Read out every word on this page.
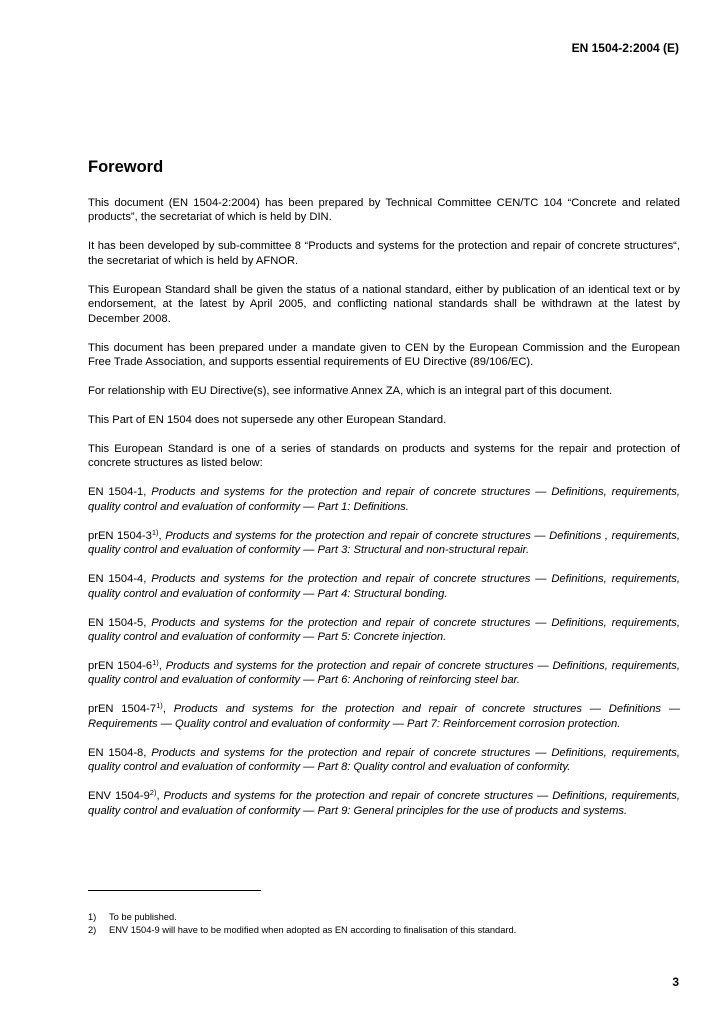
EN 1504-2:2004 (E)
Foreword

This document (EN 1504-2:2004) has been prepared by Technical Committee CEN/TC 104 “Concrete and related products”, the secretariat of which is held by DIN.

It has been developed by sub-committee 8 “Products and systems for the protection and repair of concrete structures“, the secretariat of which is held by AFNOR.

This European Standard shall be given the status of a national standard, either by publication of an identical text or by endorsement, at the latest by April 2005, and conflicting national standards shall be withdrawn at the latest by December 2008.

This document has been prepared under a mandate given to CEN by the European Commission and the European Free Trade Association, and supports essential requirements of EU Directive (89/106/EC).

For relationship with EU Directive(s), see informative Annex ZA, which is an integral part of this document.

This Part of EN 1504 does not supersede any other European Standard.

This European Standard is one of a series of standards on products and systems for the repair and protection of concrete structures as listed below:

EN 1504-1, Products and systems for the protection and repair of concrete structures — Definitions, requirements, quality control and evaluation of conformity — Part 1: Definitions.

prEN 1504-3$^{1)}$, Products and systems for the protection and repair of concrete structures — Definitions , requirements, quality control and evaluation of conformity — Part 3: Structural and non-structural repair.

EN 1504-4, Products and systems for the protection and repair of concrete structures — Definitions, requirements, quality control and evaluation of conformity — Part 4: Structural bonding.

EN 1504-5, Products and systems for the protection and repair of concrete structures — Definitions, requirements, quality control and evaluation of conformity — Part 5: Concrete injection.

prEN 1504-6$^{1)}$, Products and systems for the protection and repair of concrete structures — Definitions, requirements, quality control and evaluation of conformity — Part 6: Anchoring of reinforcing steel bar.

prEN 1504-7$^{1)}$, Products and systems for the protection and repair of concrete structures — Definitions — Requirements — Quality control and evaluation of conformity — Part 7: Reinforcement corrosion protection.

EN 1504-8, Products and systems for the protection and repair of concrete structures — Definitions, requirements, quality control and evaluation of conformity — Part 8: Quality control and evaluation of conformity.

ENV 1504-9$^{2)}$, Products and systems for the protection and repair of concrete structures — Definitions, requirements, quality control and evaluation of conformity — Part 9: General principles for the use of products and systems.

1)	To be published.
2)	ENV 1504-9 will have to be modified when adopted as EN according to finalisation of this standard.
3
